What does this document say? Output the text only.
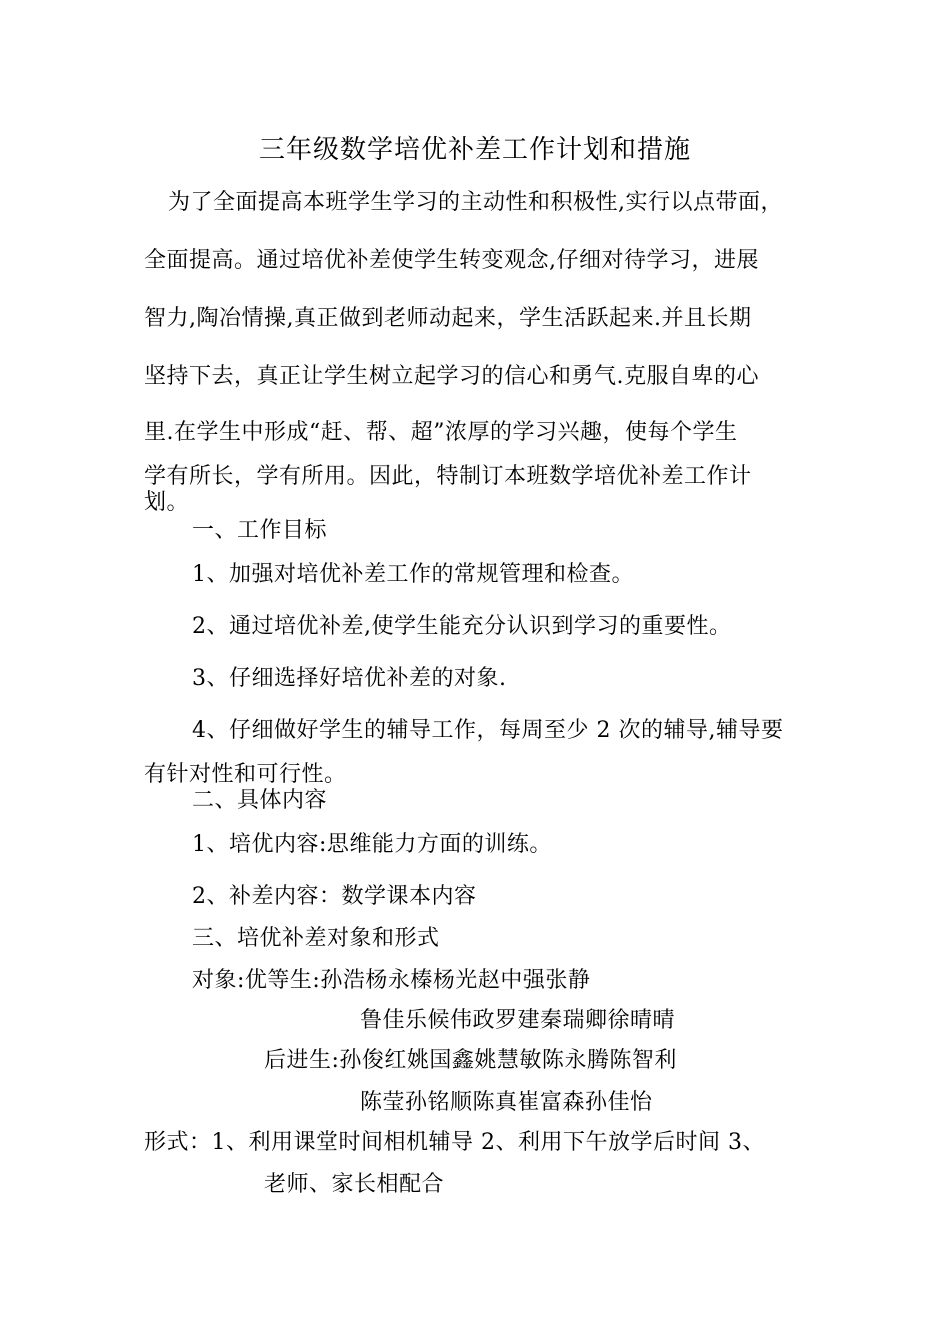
三年级数学培优补差工作计划和措施
为了全面提高本班学生学习的主动性和积极性,实行以点带面，
全面提高。通过培优补差使学生转变观念,仔细对待学习，进展
智力,陶冶情操,真正做到老师动起来，学生活跃起来.并且长期
坚持下去，真正让学生树立起学习的信心和勇气.克服自卑的心
里.在学生中形成“赶、帮、超”浓厚的学习兴趣，使每个学生
学有所长，学有所用。因此，特制订本班数学培优补差工作计
划。
一、工作目标
1、加强对培优补差工作的常规管理和检查。
2、通过培优补差,使学生能充分认识到学习的重要性。
3、仔细选择好培优补差的对象.
4、仔细做好学生的辅导工作，每周至少 2 次的辅导,辅导要
有针对性和可行性。
二、具体内容
1、培优内容:思维能力方面的训练。
2、补差内容：数学课本内容
三、培优补差对象和形式
对象:优等生:孙浩杨永榛杨光赵中强张静
鲁佳乐候伟政罗建秦瑞卿徐晴晴
后进生:孙俊红姚国鑫姚慧敏陈永腾陈智利
陈莹孙铭顺陈真崔富森孙佳怡
形式：1、利用课堂时间相机辅导 2、利用下午放学后时间 3、
老师、家长相配合
